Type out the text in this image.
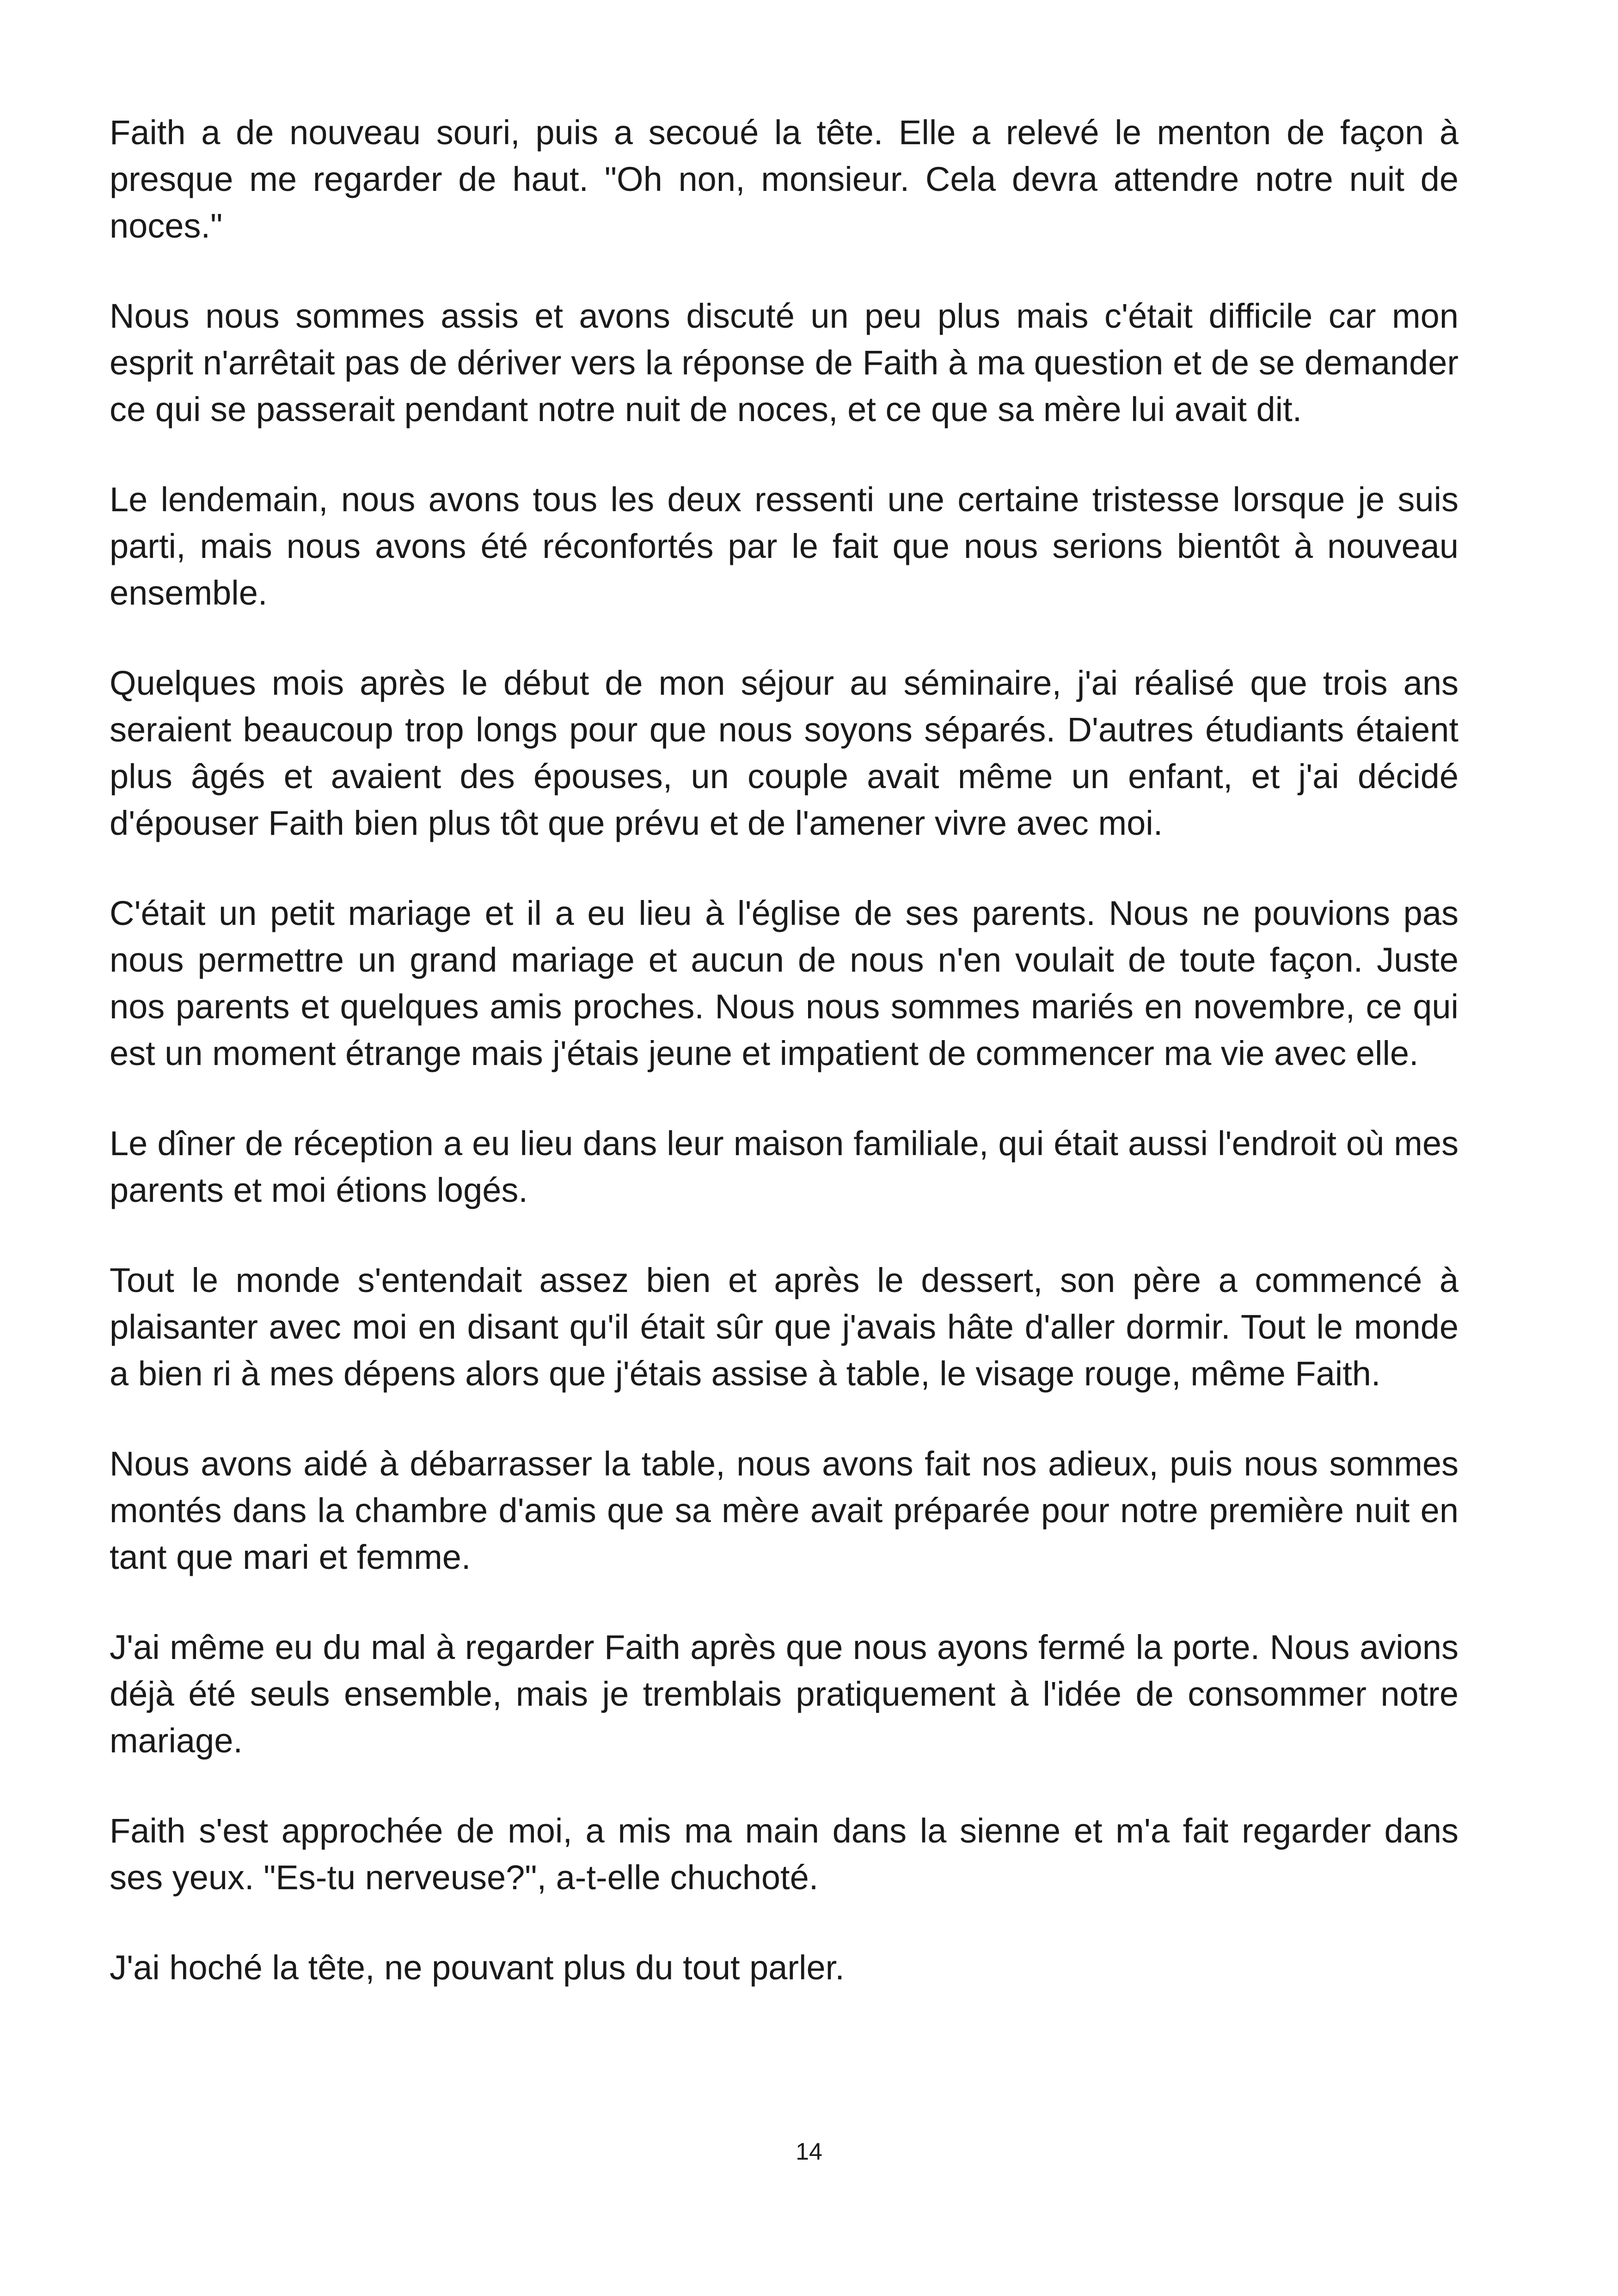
Faith a de nouveau souri, puis a secoué la tête. Elle a relevé le menton de façon à presque me regarder de haut. "Oh non, monsieur. Cela devra attendre notre nuit de noces."

Nous nous sommes assis et avons discuté un peu plus mais c'était difficile car mon esprit n'arrêtait pas de dériver vers la réponse de Faith à ma question et de se demander ce qui se passerait pendant notre nuit de noces, et ce que sa mère lui avait dit.

Le lendemain, nous avons tous les deux ressenti une certaine tristesse lorsque je suis parti, mais nous avons été réconfortés par le fait que nous serions bientôt à nouveau ensemble.

Quelques mois après le début de mon séjour au séminaire, j'ai réalisé que trois ans seraient beaucoup trop longs pour que nous soyons séparés. D'autres étudiants étaient plus âgés et avaient des épouses, un couple avait même un enfant, et j'ai décidé d'épouser Faith bien plus tôt que prévu et de l'amener vivre avec moi.

C'était un petit mariage et il a eu lieu à l'église de ses parents. Nous ne pouvions pas nous permettre un grand mariage et aucun de nous n'en voulait de toute façon. Juste nos parents et quelques amis proches. Nous nous sommes mariés en novembre, ce qui est un moment étrange mais j'étais jeune et impatient de commencer ma vie avec elle.

Le dîner de réception a eu lieu dans leur maison familiale, qui était aussi l'endroit où mes parents et moi étions logés.

Tout le monde s'entendait assez bien et après le dessert, son père a commencé à plaisanter avec moi en disant qu'il était sûr que j'avais hâte d'aller dormir. Tout le monde a bien ri à mes dépens alors que j'étais assise à table, le visage rouge, même Faith.

Nous avons aidé à débarrasser la table, nous avons fait nos adieux, puis nous sommes montés dans la chambre d'amis que sa mère avait préparée pour notre première nuit en tant que mari et femme.

J'ai même eu du mal à regarder Faith après que nous ayons fermé la porte. Nous avions déjà été seuls ensemble, mais je tremblais pratiquement à l'idée de consommer notre mariage.

Faith s'est approchée de moi, a mis ma main dans la sienne et m'a fait regarder dans ses yeux. "Es-tu nerveuse?", a-t-elle chuchoté.

J'ai hoché la tête, ne pouvant plus du tout parler.

14
